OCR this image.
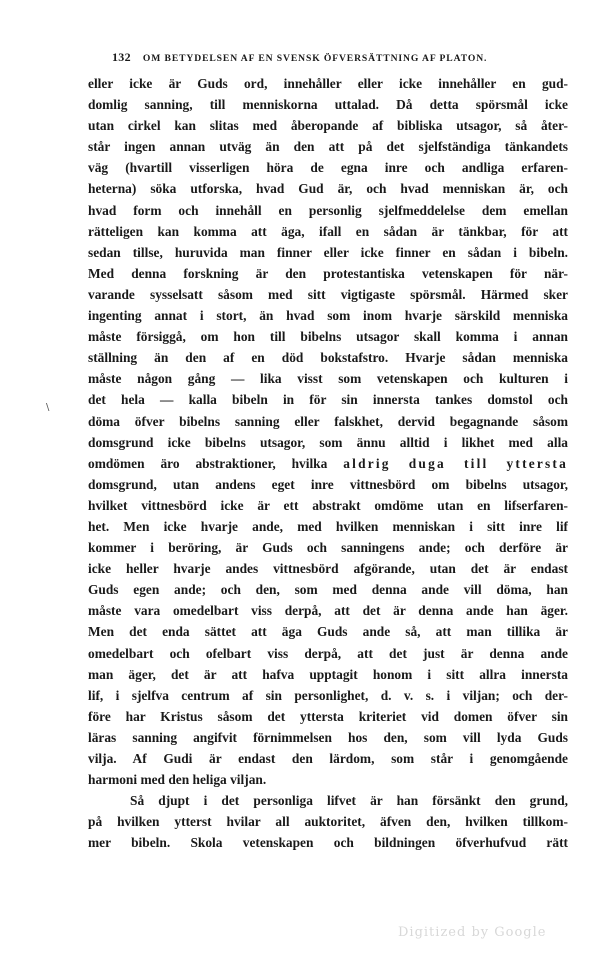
132 OM BETYDELSEN AF EN SVENSK ÖFVERSÄTTNING AF PLATON.
\
eller icke är Guds ord, innehåller eller icke innehåller en gud-
domlig sanning, till menniskorna uttalad. Då detta spörsmål icke
utan cirkel kan slitas med åberopande af bibliska utsagor, så åter-
står ingen annan utväg än den att på det sjelfständiga tänkandets
väg (hvartill visserligen höra de egna inre och andliga erfaren-
heterna) söka utforska, hvad Gud är, och hvad menniskan är, och
hvad form och innehåll en personlig sjelfmeddelelse dem emellan
rätteligen kan komma att äga, ifall en sådan är tänkbar, för att
sedan tillse, huruvida man finner eller icke finner en sådan i bibeln.
Med denna forskning är den protestantiska vetenskapen för när-
varande sysselsatt såsom med sitt vigtigaste spörsmål. Härmed sker
ingenting annat i stort, än hvad som inom hvarje särskild menniska
måste försiggå, om hon till bibelns utsagor skall komma i annan
ställning än den af en död bokstafstro. Hvarje sådan menniska
måste någon gång — lika visst som vetenskapen och kulturen i
det hela — kalla bibeln in för sin innersta tankes domstol och
döma öfver bibelns sanning eller falskhet, dervid begagnande såsom
domsgrund icke bibelns utsagor, som ännu alltid i likhet med alla
omdömen äro abstraktioner, hvilka aldrig duga till yttersta
domsgrund, utan andens eget inre vittnesbörd om bibelns utsagor,
hvilket vittnesbörd icke är ett abstrakt omdöme utan en lifserfaren-
het. Men icke hvarje ande, med hvilken menniskan i sitt inre lif
kommer i beröring, är Guds och sanningens ande; och derföre är
icke heller hvarje andes vittnesbörd afgörande, utan det är endast
Guds egen ande; och den, som med denna ande vill döma, han
måste vara omedelbart viss derpå, att det är denna ande han äger.
Men det enda sättet att äga Guds ande så, att man tillika är
omedelbart och ofelbart viss derpå, att det just är denna ande
man äger, det är att hafva upptagit honom i sitt allra innersta
lif, i sjelfva centrum af sin personlighet, d. v. s. i viljan; och der-
före har Kristus såsom det yttersta kriteriet vid domen öfver sin
läras sanning angifvit förnimmelsen hos den, som vill lyda Guds
vilja. Af Gudi är endast den lärdom, som står i genomgående
harmoni med den heliga viljan.
Så djupt i det personliga lifvet är han försänkt den grund,
på hvilken ytterst hvilar all auktoritet, äfven den, hvilken tillkom-
mer bibeln. Skola vetenskapen och bildningen öfverhufvud rätt
Digitized by Google
